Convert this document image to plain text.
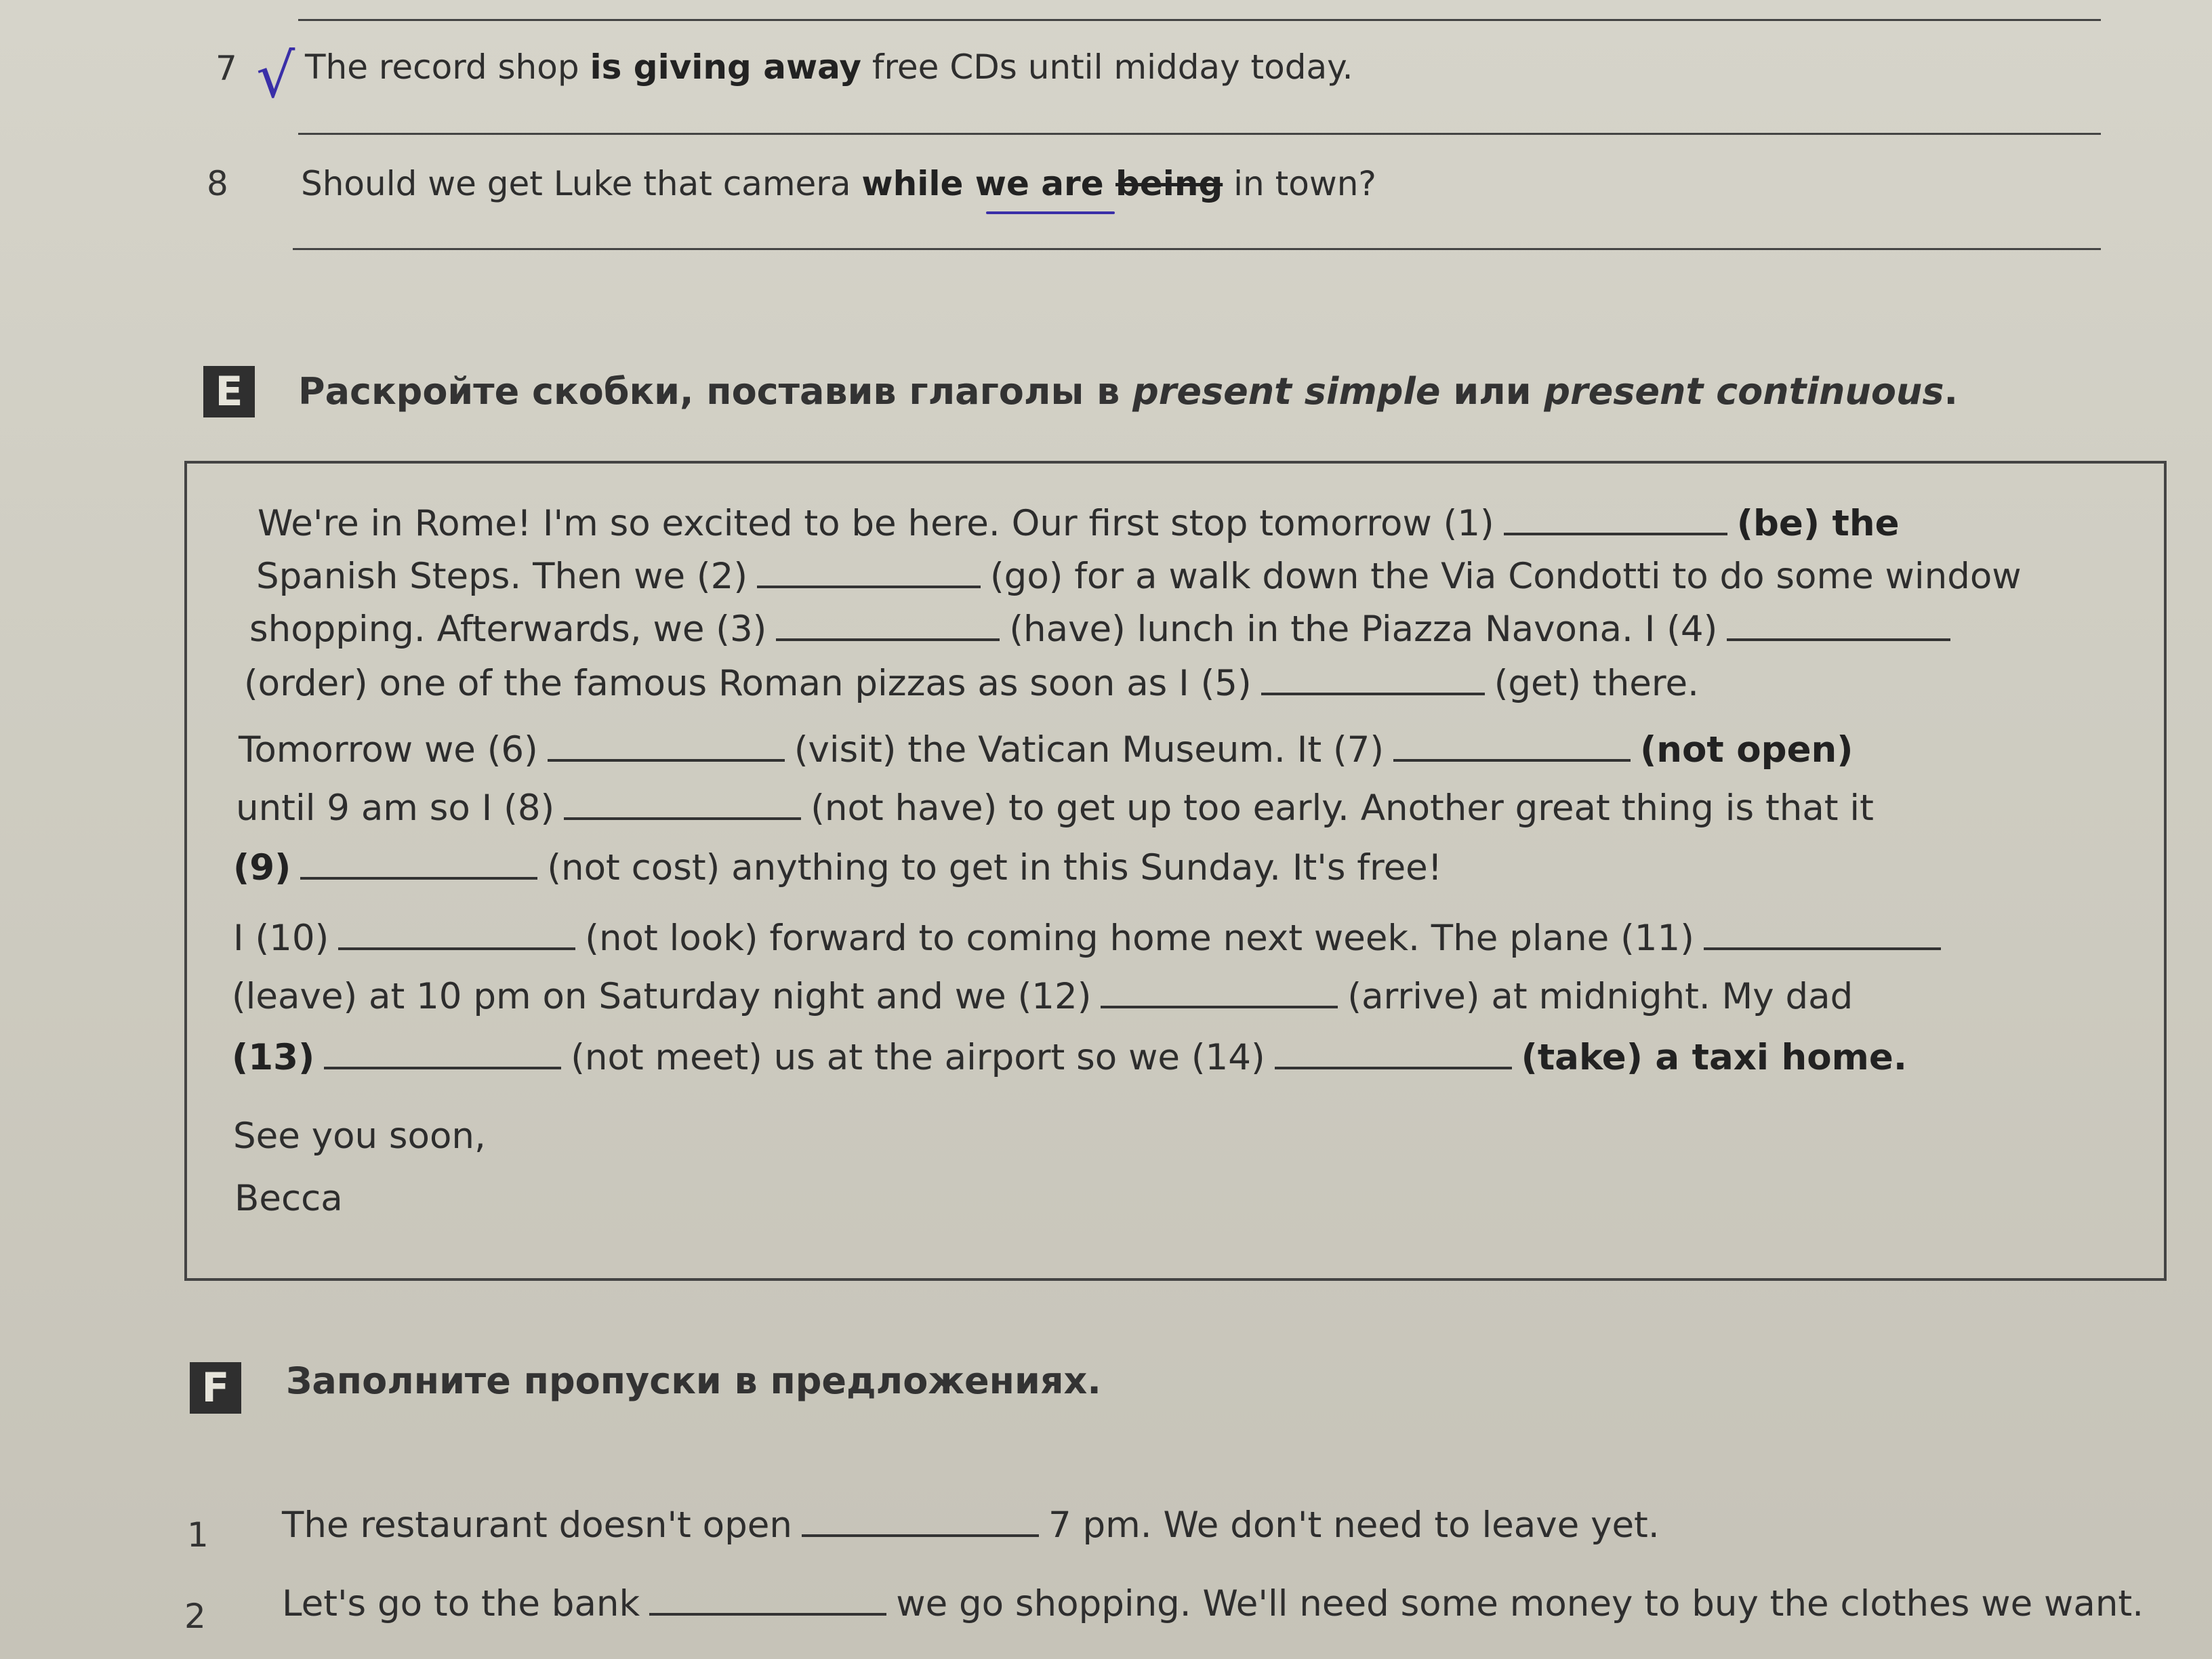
7 √ The record shop is giving away free CDs until midday today.
8 Should we get Luke that camera while we are being in town?
E	Раскройте скобки, поставив глаголы в present simple или present continuous.
We're in Rome! I'm so excited to be here. Our first stop tomorrow (1)	(be) the
Spanish Steps. Then we (2)	(go) for a walk down the Via Condotti to do some window
shopping. Afterwards, we (3)	(have) lunch in the Piazza Navona. I (4)
(order) one of the famous Roman pizzas as soon as I (5)	(get) there.
Tomorrow we (6)	(visit) the Vatican Museum. It (7)	(not open)
until 9 am so I (8)	(not have) to get up too early. Another great thing is that it
(9)	(not cost) anything to get in this Sunday. It's free!
I (10)	(not look) forward to coming home next week. The plane (11)
(leave) at 10 pm on Saturday night and we (12)	(arrive) at midnight. My dad
(13)	(not meet) us at the airport so we (14)	(take) a taxi home.
See you soon,
Becca
F	Заполните пропуски в предложениях.
1 The restaurant doesn't open	7 pm. We don't need to leave yet.
2 Let's go to the bank	we go shopping. We'll need some money to buy the clothes we want.
